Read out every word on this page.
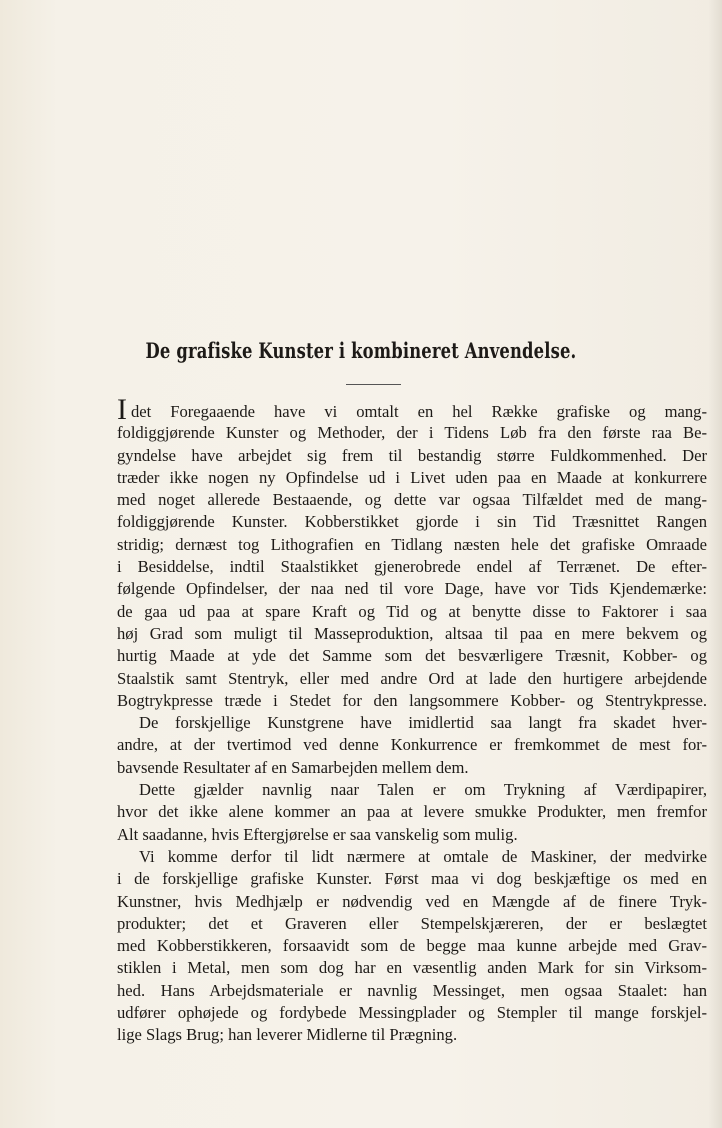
De grafiske Kunster i kombineret Anvendelse.
Idet Foregaaende have vi omtalt en hel Række grafiske og mang-
foldiggjørende Kunster og Methoder, der i Tidens Løb fra den første raa Be-
gyndelse have arbejdet sig frem til bestandig større Fuldkommenhed. Der
træder ikke nogen ny Opfindelse ud i Livet uden paa en Maade at konkurrere
med noget allerede Bestaaende, og dette var ogsaa Tilfældet med de mang-
foldiggjørende Kunster. Kobberstikket gjorde i sin Tid Træsnittet Rangen
stridig; dernæst tog Lithografien en Tidlang næsten hele det grafiske Omraade
i Besiddelse, indtil Staalstikket gjenerobrede endel af Terrænet. De efter-
følgende Opfindelser, der naa ned til vore Dage, have vor Tids Kjendemærke:
de gaa ud paa at spare Kraft og Tid og at benytte disse to Faktorer i saa
høj Grad som muligt til Masseproduktion, altsaa til paa en mere bekvem og
hurtig Maade at yde det Samme som det besværligere Træsnit, Kobber- og
Staalstik samt Stentryk, eller med andre Ord at lade den hurtigere arbejdende
Bogtrykpresse træde i Stedet for den langsommere Kobber- og Stentrykpresse.
De forskjellige Kunstgrene have imidlertid saa langt fra skadet hver-
andre, at der tvertimod ved denne Konkurrence er fremkommet de mest for-
bavsende Resultater af en Samarbejden mellem dem.
Dette gjælder navnlig naar Talen er om Trykning af Værdipapirer,
hvor det ikke alene kommer an paa at levere smukke Produkter, men fremfor
Alt saadanne, hvis Eftergjørelse er saa vanskelig som mulig.
Vi komme derfor til lidt nærmere at omtale de Maskiner, der medvirke
i de forskjellige grafiske Kunster. Først maa vi dog beskjæftige os med en
Kunstner, hvis Medhjælp er nødvendig ved en Mængde af de finere Tryk-
produkter; det et Graveren eller Stempelskjæreren, der er beslægtet
med Kobberstikkeren, forsaavidt som de begge maa kunne arbejde med Grav-
stiklen i Metal, men som dog har en væsentlig anden Mark for sin Virksom-
hed. Hans Arbejdsmateriale er navnlig Messinget, men ogsaa Staalet: han
udfører ophøjede og fordybede Messingplader og Stempler til mange forskjel-
lige Slags Brug; han leverer Midlerne til Prægning.
